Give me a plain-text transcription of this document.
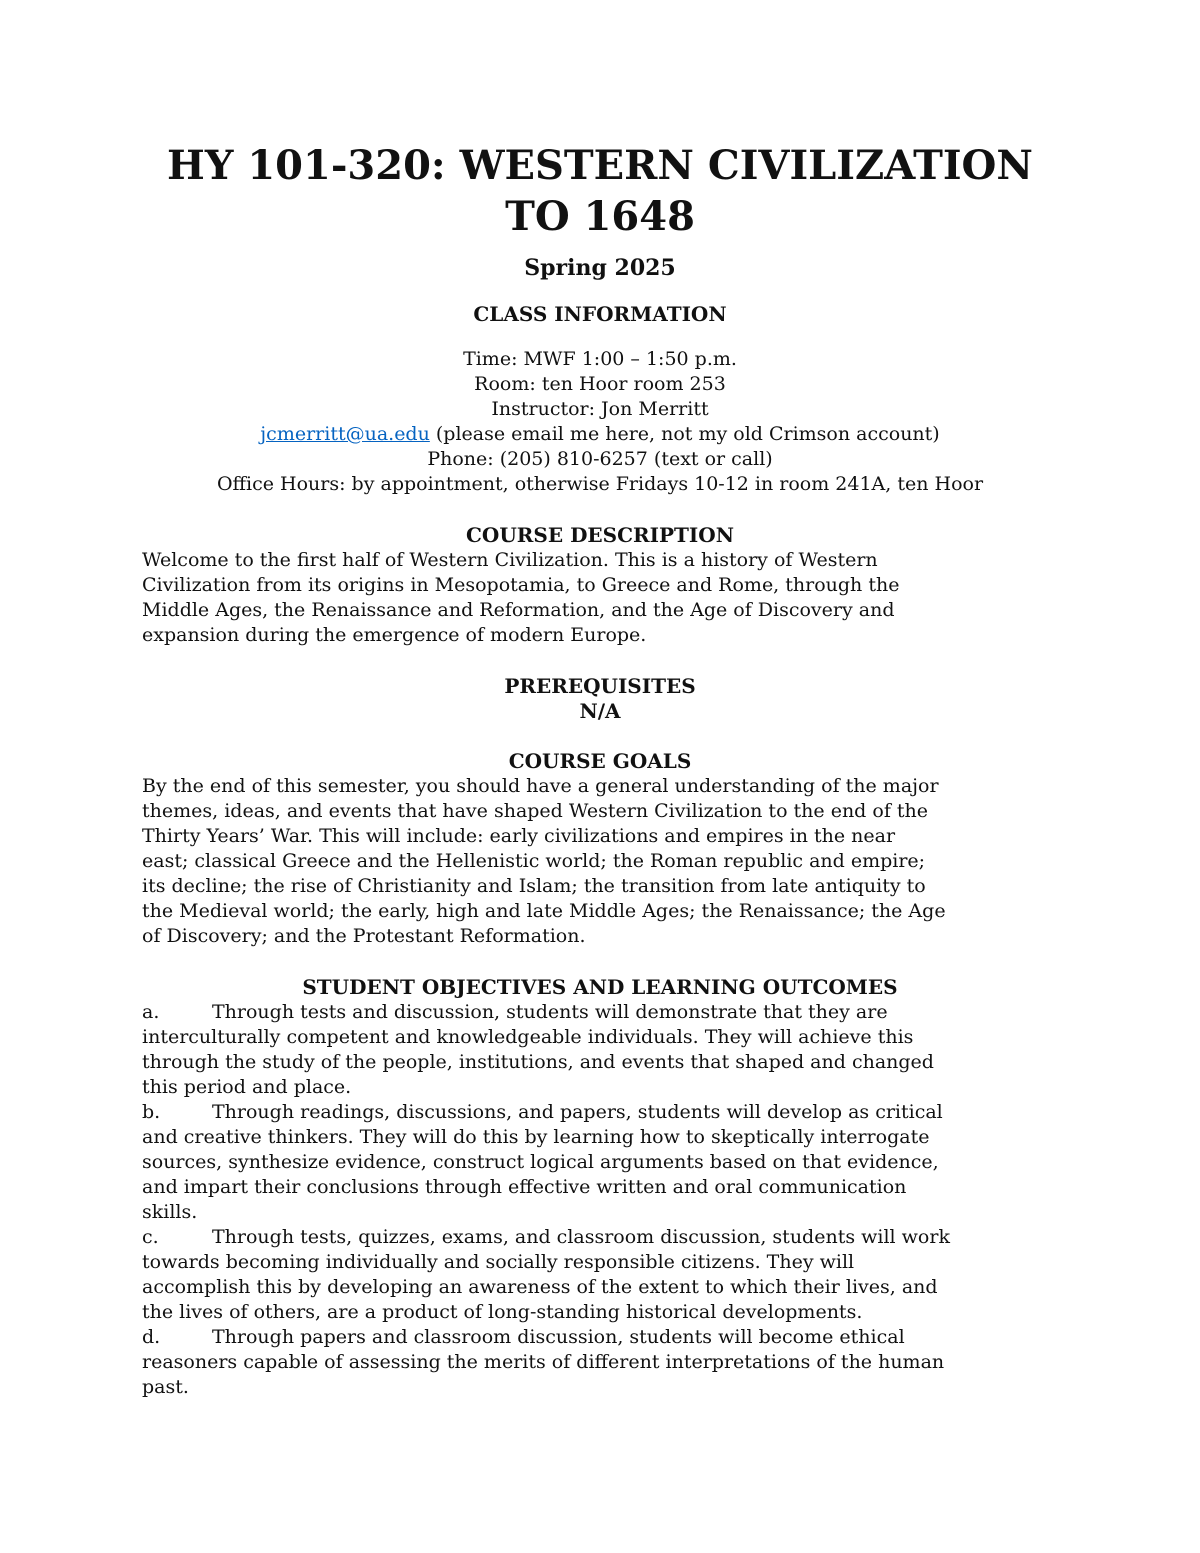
HY 101-320: WESTERN CIVILIZATION
TO 1648
Spring 2025
CLASS INFORMATION
Time: MWF 1:00 – 1:50 p.m.
Room: ten Hoor room 253
Instructor: Jon Merritt
jcmerritt@ua.edu (please email me here, not my old Crimson account)
Phone: (205) 810-6257 (text or call)
Office Hours: by appointment, otherwise Fridays 10-12 in room 241A, ten Hoor
COURSE DESCRIPTION
Welcome to the first half of Western Civilization. This is a history of Western
Civilization from its origins in Mesopotamia, to Greece and Rome, through the
Middle Ages, the Renaissance and Reformation, and the Age of Discovery and
expansion during the emergence of modern Europe.
PREREQUISITES
N/A
COURSE GOALS
By the end of this semester, you should have a general understanding of the major
themes, ideas, and events that have shaped Western Civilization to the end of the
Thirty Years’ War. This will include: early civilizations and empires in the near
east; classical Greece and the Hellenistic world; the Roman republic and empire;
its decline; the rise of Christianity and Islam; the transition from late antiquity to
the Medieval world; the early, high and late Middle Ages; the Renaissance; the Age
of Discovery; and the Protestant Reformation.
STUDENT OBJECTIVES AND LEARNING OUTCOMES
a.	Through tests and discussion, students will demonstrate that they are
interculturally competent and knowledgeable individuals. They will achieve this
through the study of the people, institutions, and events that shaped and changed
this period and place.
b.	Through readings, discussions, and papers, students will develop as critical
and creative thinkers. They will do this by learning how to skeptically interrogate
sources, synthesize evidence, construct logical arguments based on that evidence,
and impart their conclusions through effective written and oral communication
skills.
c.	Through tests, quizzes, exams, and classroom discussion, students will work
towards becoming individually and socially responsible citizens. They will
accomplish this by developing an awareness of the extent to which their lives, and
the lives of others, are a product of long-standing historical developments.
d.	Through papers and classroom discussion, students will become ethical
reasoners capable of assessing the merits of different interpretations of the human
past.
